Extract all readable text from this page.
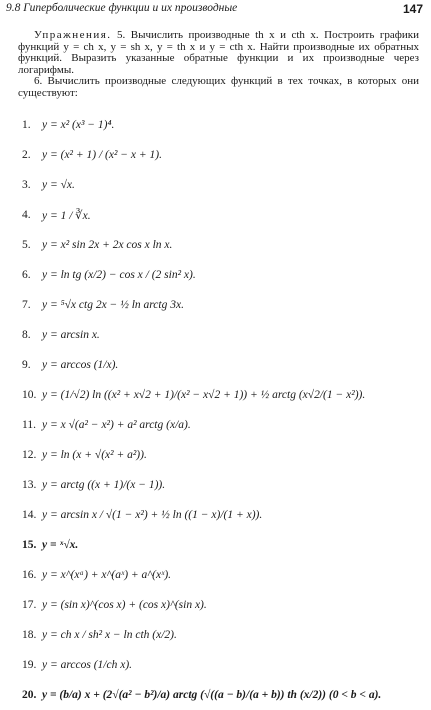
9.8 Гиперболические функции и их производные	147

Упражнения. 5. Вычислить производные th x и cth x. Построить графики функций y = ch x, y = sh x, y = th x и y = cth x. Найти производные их обратных функций. Выразить указанные обратные функции и их производные через логарифмы.

6. Вычислить производные следующих функций в тех точках, в которых они существуют:

1. y = x² (x³ − 1)⁴.
2. y = (x² + 1) / (x² − x + 1).
3. y = √x.
4. y = 1 / ∛x.
5. y = x² sin 2x + 2x cos x ln x.
6. y = ln tg (x/2) − cos x / (2 sin² x).
7. y = ⁵√x ctg 2x − ½ ln arctg 3x.
8. y = arcsin x.
9. y = arccos (1/x).
10. y = (1/√2) ln ((x² + x√2 + 1)/(x² − x√2 + 1)) + ½ arctg (x√2/(1 − x²)).
11. y = x √(a² − x²) + a² arctg (x/a).
12. y = ln (x + √(x² + a²)).
13. y = arctg ((x + 1)/(x − 1)).
14. y = arcsin x / √(1 − x²) + ½ ln ((1 − x)/(1 + x)).
15. y = ˣ√x.
16. y = x^(xᵃ) + x^(aˣ) + a^(xˣ).
17. y = (sin x)^(cos x) + (cos x)^(sin x).
18. y = ch x / sh² x − ln cth (x/2).
19. y = arccos (1/ch x).
20. y = (b/a) x + (2√(a² − b²)/a) arctg (√((a − b)/(a + b)) th (x/2)) (0 < b < a).
